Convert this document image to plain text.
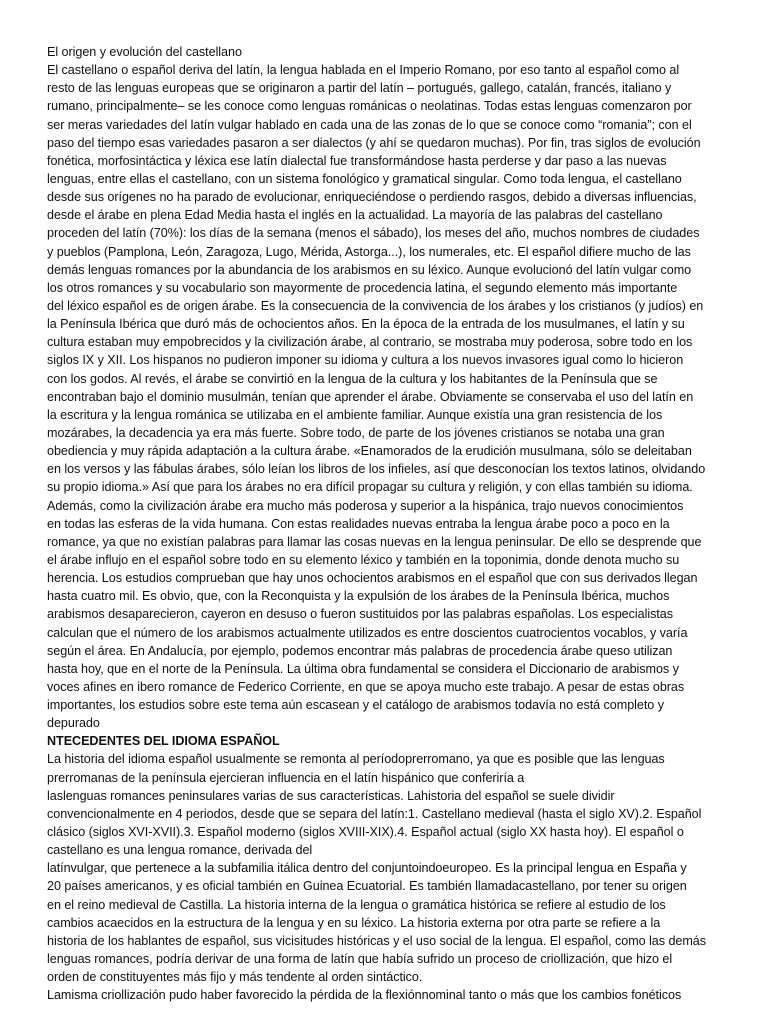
El origen y evolución del castellano
El castellano o español deriva del latín, la lengua hablada en el Imperio Romano, por eso tanto al español como al
resto de las lenguas europeas que se originaron a partir del latín – portugués, gallego, catalán, francés, italiano y
rumano, principalmente– se les conoce como lenguas románicas o neolatinas. Todas estas lenguas comenzaron por
ser meras variedades del latín vulgar hablado en cada una de las zonas de lo que se conoce como “romania”; con el
paso del tiempo esas variedades pasaron a ser dialectos (y ahí se quedaron muchas). Por fin, tras siglos de evolución
fonética, morfosintáctica y léxica ese latín dialectal fue transformándose hasta perderse y dar paso a las nuevas
lenguas, entre ellas el castellano, con un sistema fonológico y gramatical singular. Como toda lengua, el castellano
desde sus orígenes no ha parado de evolucionar, enriqueciéndose o perdiendo rasgos, debido a diversas influencias,
desde el árabe en plena Edad Media hasta el inglés en la actualidad. La mayoría de las palabras del castellano
proceden del latín (70%): los días de la semana (menos el sábado), los meses del año, muchos nombres de ciudades
y pueblos (Pamplona, León, Zaragoza, Lugo, Mérida, Astorga...), los numerales, etc. El español difiere mucho de las
demás lenguas romances por la abundancia de los arabismos en su léxico. Aunque evolucionó del latín vulgar como
los otros romances y su vocabulario son mayormente de procedencia latina, el segundo elemento más importante
del léxico español es de origen árabe. Es la consecuencia de la convivencia de los árabes y los cristianos (y judíos) en
la Península Ibérica que duró más de ochocientos años. En la época de la entrada de los musulmanes, el latín y su
cultura estaban muy empobrecidos y la civilización árabe, al contrario, se mostraba muy poderosa, sobre todo en los
siglos IX y XII. Los hispanos no pudieron imponer su idioma y cultura a los nuevos invasores igual como lo hicieron
con los godos. Al revés, el árabe se convirtió en la lengua de la cultura y los habitantes de la Península que se
encontraban bajo el dominio musulmán, tenían que aprender el árabe. Obviamente se conservaba el uso del latín en
la escritura y la lengua románica se utilizaba en el ambiente familiar. Aunque existía una gran resistencia de los
mozárabes, la decadencia ya era más fuerte. Sobre todo, de parte de los jóvenes cristianos se notaba una gran
obediencia y muy rápida adaptación a la cultura árabe. «Enamorados de la erudición musulmana, sólo se deleitaban
en los versos y las fábulas árabes, sólo leían los libros de los infieles, así que desconocían los textos latinos, olvidando
su propio idioma.» Así que para los árabes no era difícil propagar su cultura y religión, y con ellas también su idioma.
Además, como la civilización árabe era mucho más poderosa y superior a la hispánica, trajo nuevos conocimientos
en todas las esferas de la vida humana. Con estas realidades nuevas entraba la lengua árabe poco a poco en la
romance, ya que no existían palabras para llamar las cosas nuevas en la lengua peninsular. De ello se desprende que
el árabe influjo en el español sobre todo en su elemento léxico y también en la toponimia, donde denota mucho su
herencia. Los estudios comprueban que hay unos ochocientos arabismos en el español que con sus derivados llegan
hasta cuatro mil. Es obvio, que, con la Reconquista y la expulsión de los árabes de la Península Ibérica, muchos
arabismos desaparecieron, cayeron en desuso o fueron sustituidos por las palabras españolas. Los especialistas
calculan que el número de los arabismos actualmente utilizados es entre doscientos cuatrocientos vocablos, y varía
según el área. En Andalucía, por ejemplo, podemos encontrar más palabras de procedencia árabe queso utilizan
hasta hoy, que en el norte de la Península. La última obra fundamental se considera el Diccionario de arabismos y
voces afines en ibero romance de Federico Corriente, en que se apoya mucho este trabajo. A pesar de estas obras
importantes, los estudios sobre este tema aún escasean y el catálogo de arabismos todavía no está completo y
depurado
NTECEDENTES DEL IDIOMA ESPAÑOL
La historia del idioma español usualmente se remonta al períodoprerromano, ya que es posible que las lenguas
prerromanas de la península ejercieran influencia en el latín hispánico que conferiría a
laslenguas romances peninsulares varias de sus características. Lahistoria del español se suele dividir
convencionalmente en 4 periodos, desde que se separa del latín:1. Castellano medieval (hasta el siglo XV).2. Español
clásico (siglos XVI-XVII).3. Español moderno (siglos XVIII-XIX).4. Español actual (siglo XX hasta hoy). El español o
castellano es una lengua romance, derivada del
latínvulgar, que pertenece a la subfamilia itálica dentro del conjuntoindoeuropeo. Es la principal lengua en España y
20 países americanos, y es oficial también en Guinea Ecuatorial. Es también llamadacastellano, por tener su origen
en el reino medieval de Castilla. La historia interna de la lengua o gramática histórica se refiere al estudio de los
cambios acaecidos en la estructura de la lengua y en su léxico. La historia externa por otra parte se refiere a la
historia de los hablantes de español, sus vicisitudes históricas y el uso social de la lengua. El español, como las demás
lenguas romances, podría derivar de una forma de latín que había sufrido un proceso de criollización, que hizo el
orden de constituyentes más fijo y más tendente al orden sintáctico.
Lamisma criollización pudo haber favorecido la pérdida de la flexiónnominal tanto o más que los cambios fonéticos
